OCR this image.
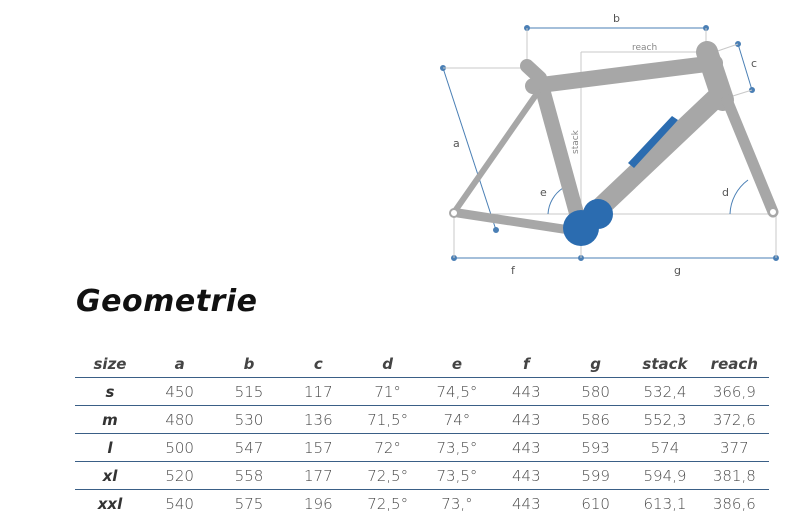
b
reach
c
a	stack
e	d
f	g
Geometrie
size	a	b	c	d	e	f	g	stack	reach
s	450	515	117	71°	74,5°	443	580	532,4	366,9
m	480	530	136	71,5°	74°	443	586	552,3	372,6
l	500	547	157	72°	73,5°	443	593	574	377
xl	520	558	177	72,5°	73,5°	443	599	594,9	381,8
xxl	540	575	196	72,5°	73,°	443	610	613,1	386,6
